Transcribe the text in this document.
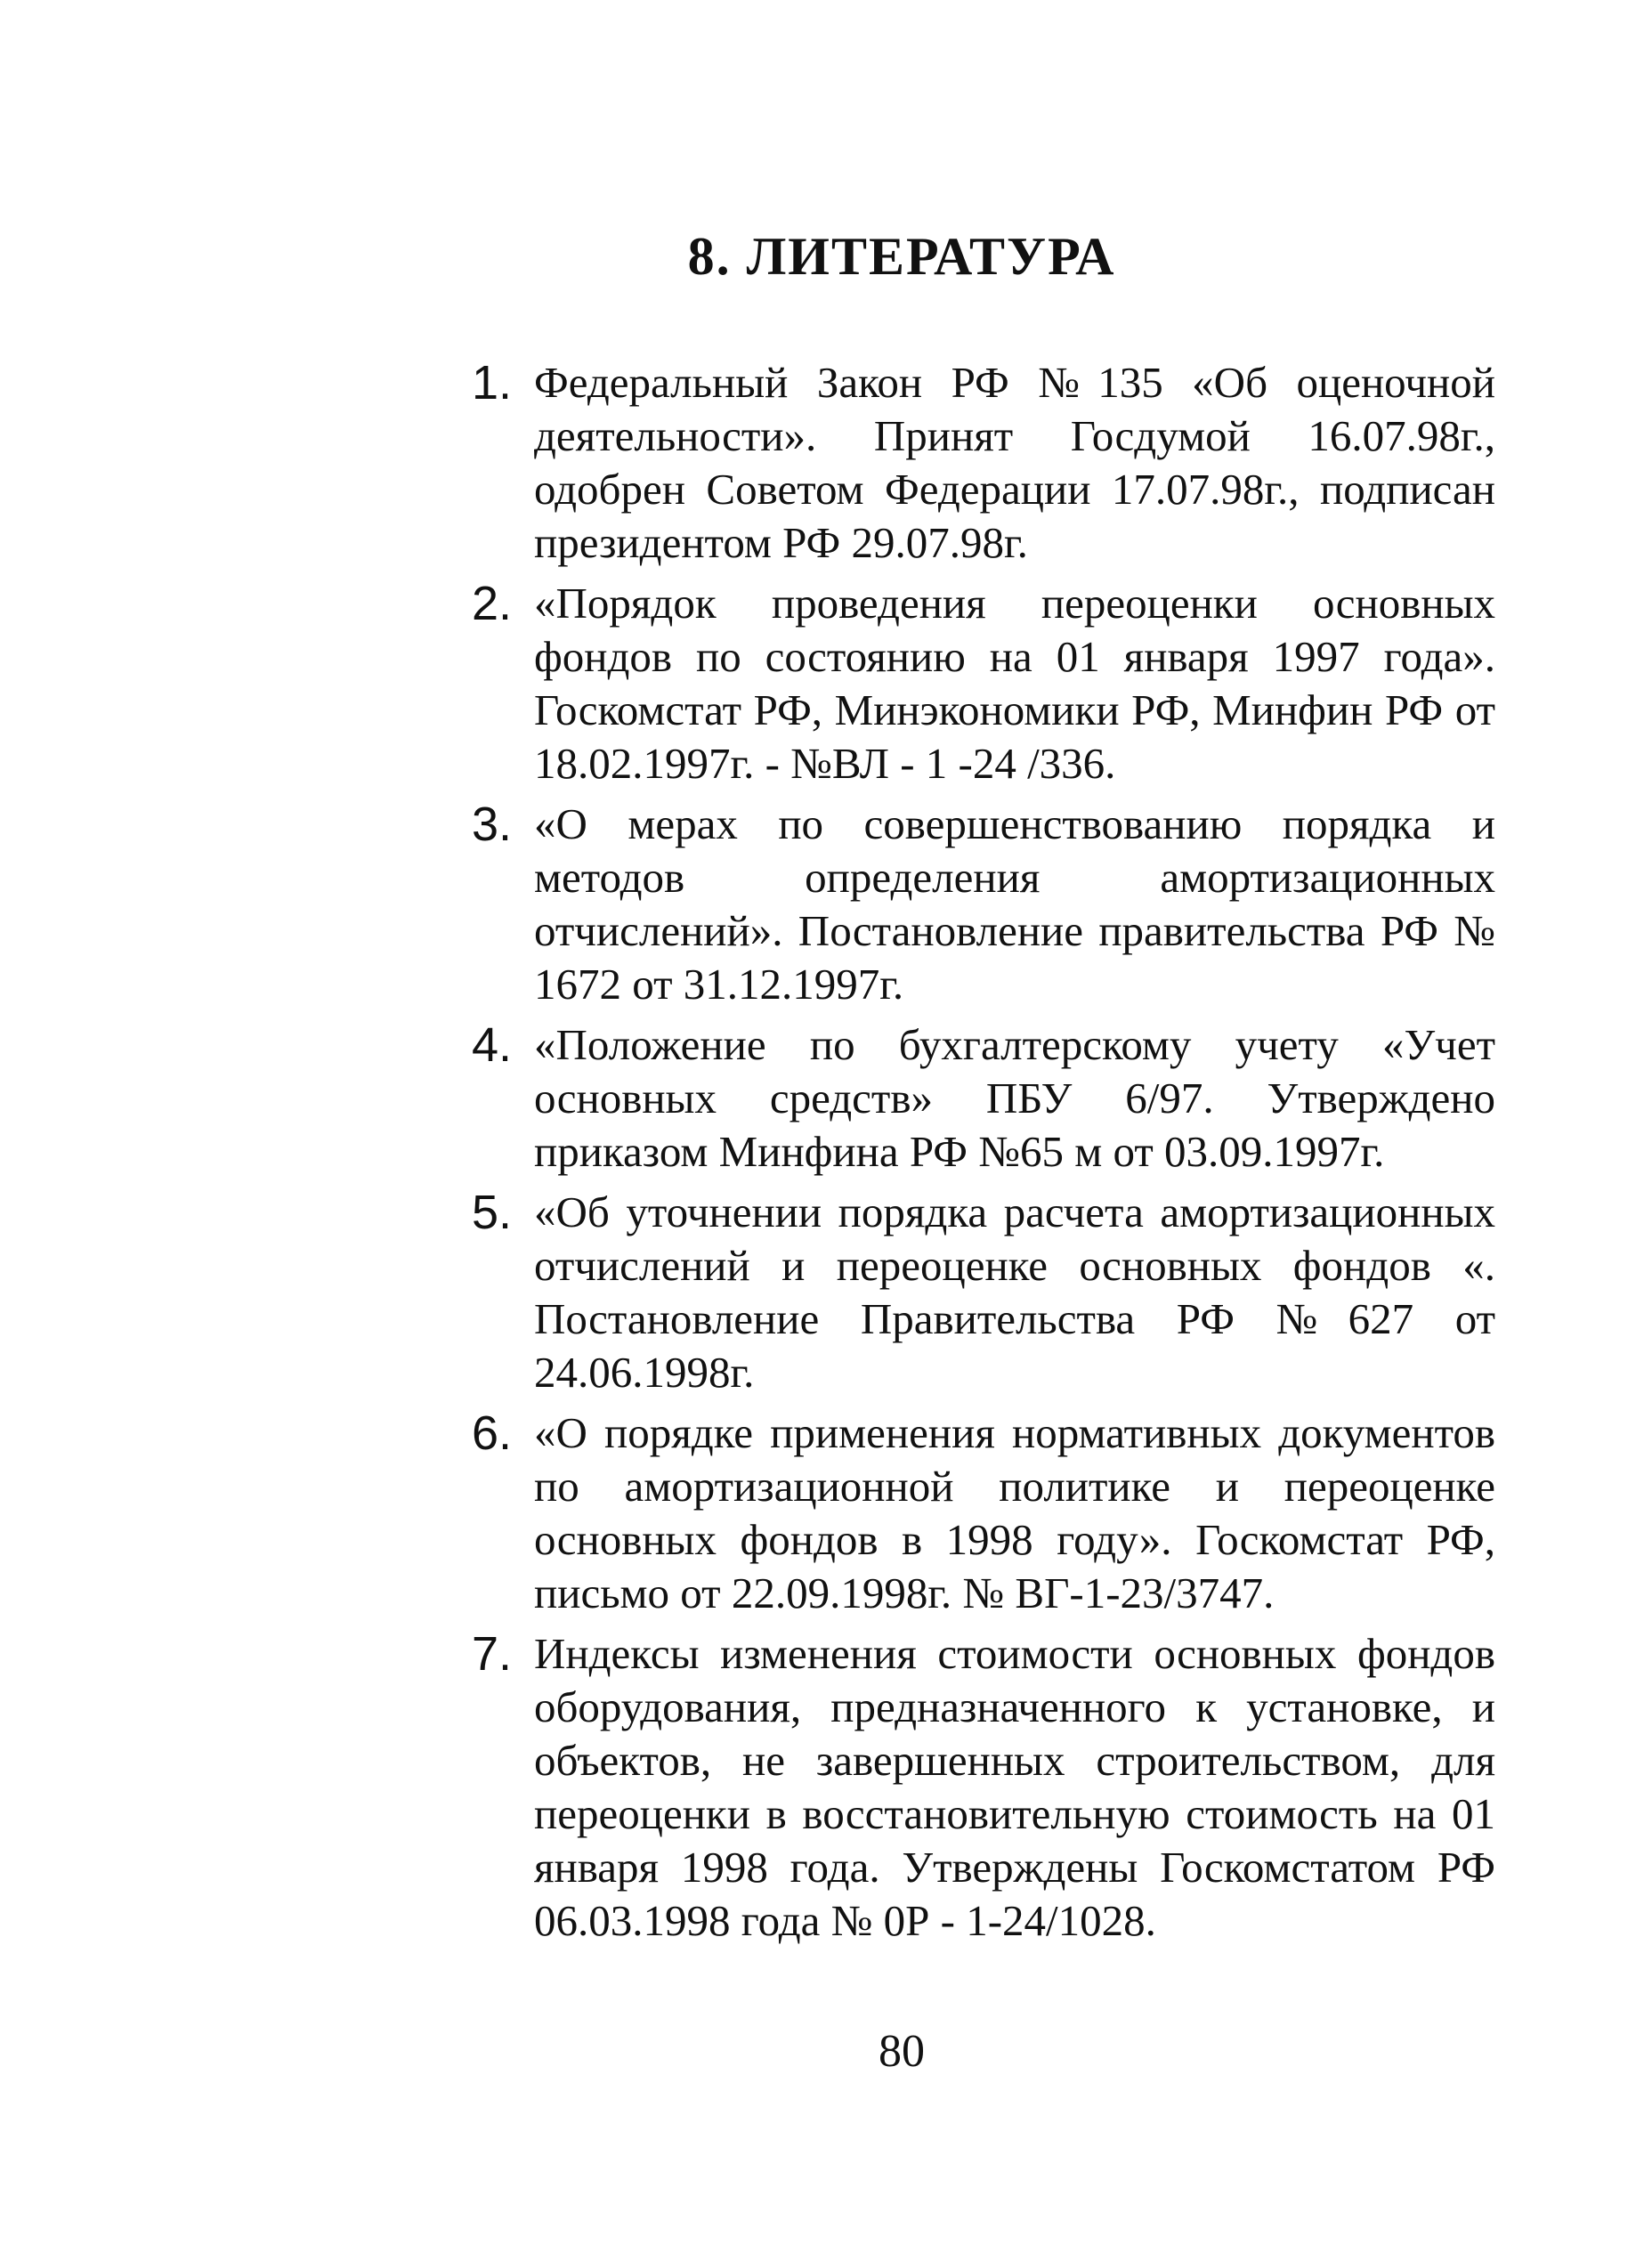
8. ЛИТЕРАТУРА
1. Федеральный Закон РФ №135 «Об оценочной деятельности». Принят Госдумой 16.07.98г., одобрен Советом Федерации 17.07.98г., подписан президентом РФ 29.07.98г.
2. «Порядок проведения переоценки основных фондов по состоянию на 01 января 1997 года». Госкомстат РФ, Минэкономики РФ, Минфин РФ от 18.02.1997г. - №ВЛ - 1 -24 /336.
3. «О мерах по совершенствованию порядка и методов определения амортизационных отчислений». Постановление правительства РФ № 1672 от 31.12.1997г.
4. «Положение по бухгалтерскому учету «Учет основных средств» ПБУ 6/97. Утверждено приказом Минфина РФ №65 м от 03.09.1997г.
5. «Об уточнении порядка расчета амортизационных отчислений и переоценке основных фондов «. Постановление Правительства РФ №627 от 24.06.1998г.
6. «О порядке применения нормативных документов по амортизационной политике и переоценке основных фондов в 1998 году». Госкомстат РФ, письмо от 22.09.1998г. № ВГ-1-23/3747.
7. Индексы изменения стоимости основных фондов оборудования, предназначенного к установке, и объектов, не завершенных строительством, для переоценки в восстановительную стоимость на 01 января 1998 года. Утверждены Госкомстатом РФ 06.03.1998 года № 0Р - 1-24/1028.
80
